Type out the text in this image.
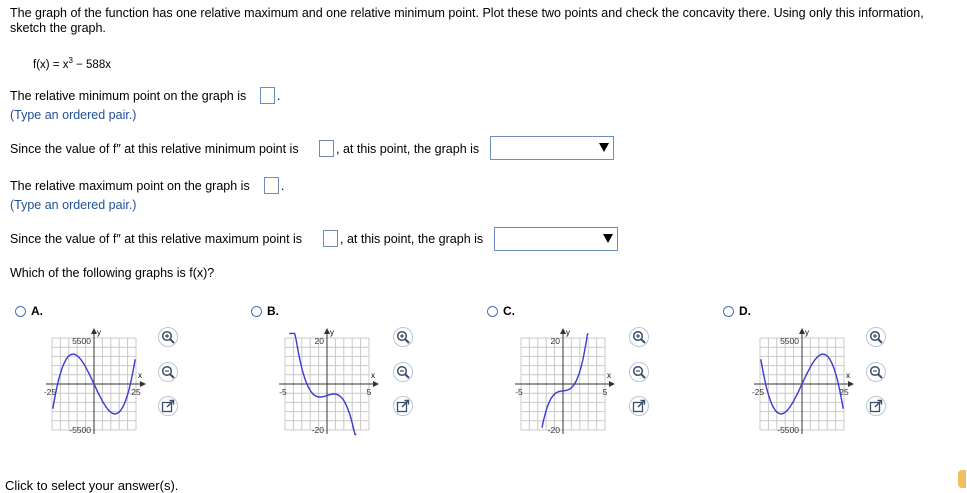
The graph of the function has one relative maximum and one relative minimum point. Plot these two points and check the concavity there. Using only this information,
sketch the graph.
$f(x) = x^3 - 588x$
The relative minimum point on the graph is .
(Type an ordered pair.)
Since the value of f″ at this relative minimum point is	, at this point, the graph is
The relative maximum point on the graph is	.
(Type an ordered pair.)
Since the value of f″ at this relative maximum point is	, at this point, the graph is
Which of the following graphs is f(x)?
A.
x
y
5500
-5500
-25	25
B.
x
y
20
-20
-5	5
C.
x
y
20
-20
-5	5
D.
x
y
5500
-5500
-25	25
Click to select your answer(s).
